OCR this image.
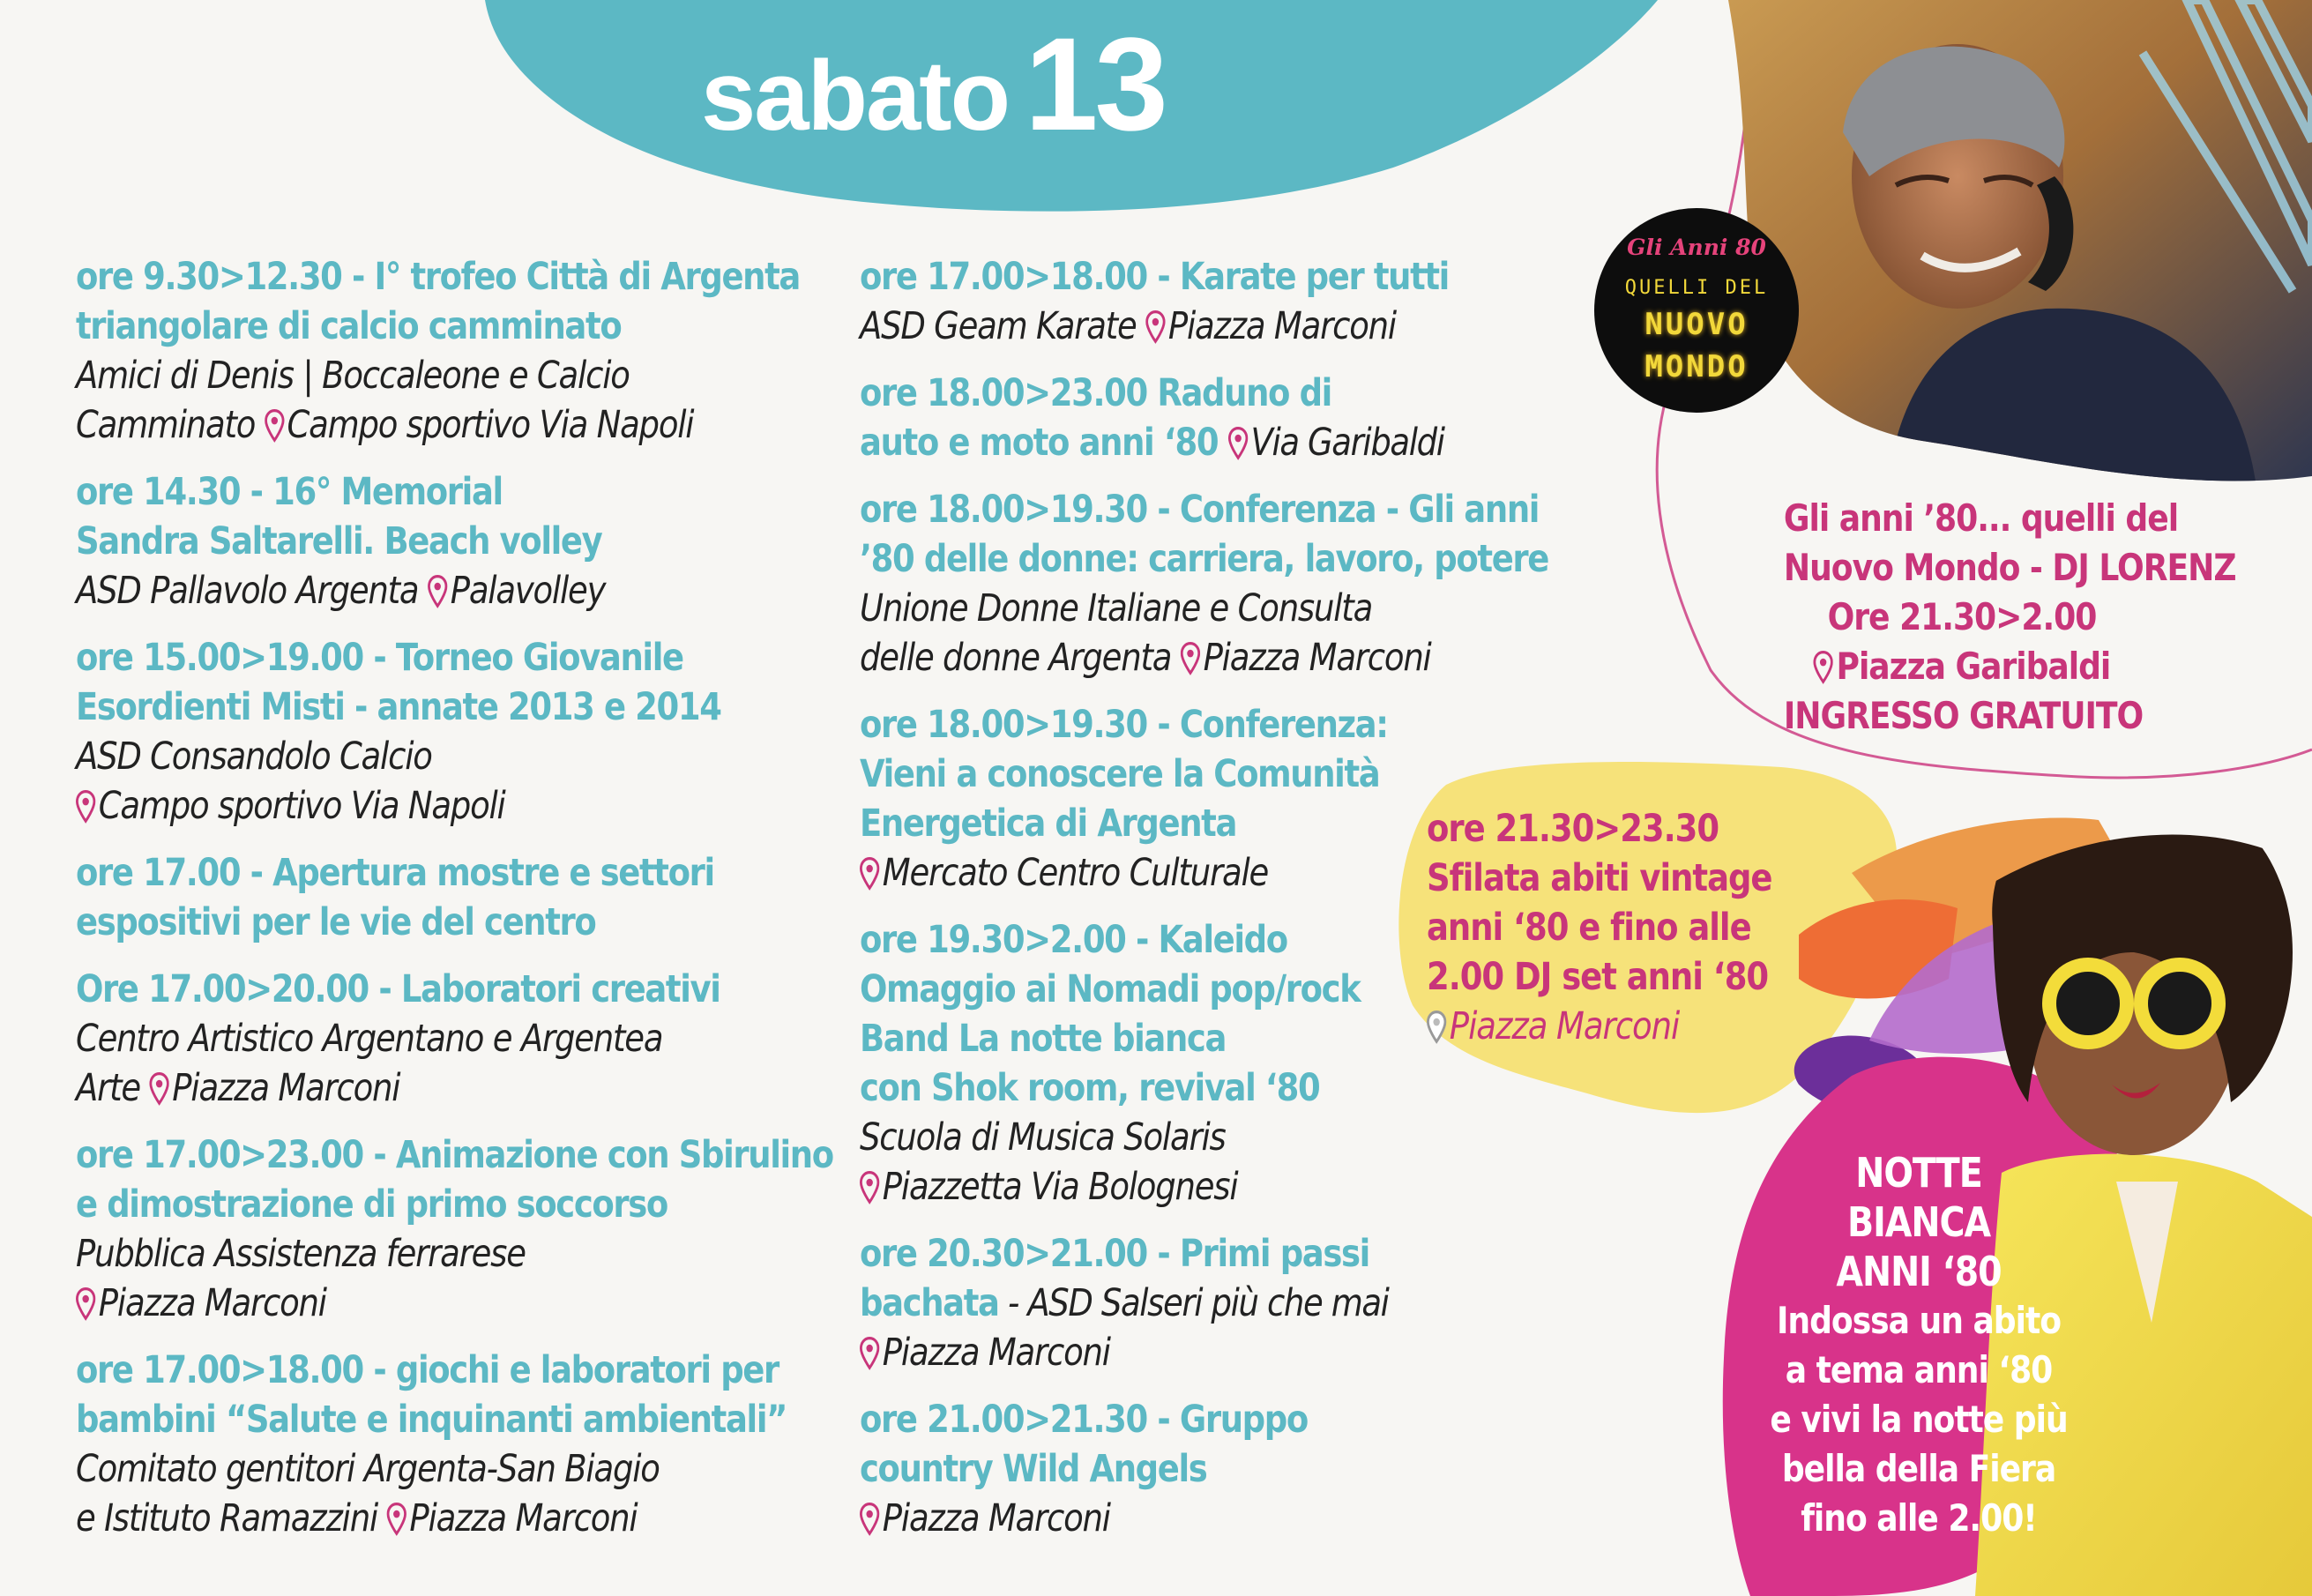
sabato 13
ore 9.30>12.30 - I° trofeo Città di Argenta
triangolare di calcio camminato
Amici di Denis | Boccaleone e Calcio
Camminato Campo sportivo Via Napoli
ore 14.30 - 16° Memorial
Sandra Saltarelli. Beach volley
ASD Pallavolo Argenta Palavolley
ore 15.00>19.00 - Torneo Giovanile
Esordienti Misti - annate 2013 e 2014
ASD Consandolo Calcio
Campo sportivo Via Napoli
ore 17.00 - Apertura mostre e settori
espositivi per le vie del centro
Ore 17.00>20.00 - Laboratori creativi
Centro Artistico Argentano e Argentea
Arte Piazza Marconi
ore 17.00>23.00 - Animazione con Sbirulino
e dimostrazione di primo soccorso
Pubblica Assistenza ferrarese
Piazza Marconi
ore 17.00>18.00 - giochi e laboratori per
bambini “Salute e inquinanti ambientali”
Comitato gentitori Argenta-San Biagio
e Istituto Ramazzini Piazza Marconi
ore 17.00>18.00 - Karate per tutti
ASD Geam Karate Piazza Marconi
ore 18.00>23.00 Raduno di
auto e moto anni ‘80 Via Garibaldi
ore 18.00>19.30 - Conferenza - Gli anni
’80 delle donne: carriera, lavoro, potere
Unione Donne Italiane e Consulta
delle donne Argenta Piazza Marconi
ore 18.00>19.30 - Conferenza:
Vieni a conoscere la Comunità
Energetica di Argenta
Mercato Centro Culturale
ore 19.30>2.00 - Kaleido
Omaggio ai Nomadi pop/rock
Band La notte bianca
con Shok room, revival ‘80
Scuola di Musica Solaris
Piazzetta Via Bolognesi
ore 20.30>21.00 - Primi passi
bachata - ASD Salseri più che mai
Piazza Marconi
ore 21.00>21.30 - Gruppo
country Wild Angels
Piazza Marconi
Gli Anni 80
QUELLI DEL
NUOVO
MONDO
Gli anni ’80... quelli del
Nuovo Mondo - DJ LORENZ
Ore 21.30>2.00
Piazza Garibaldi
INGRESSO GRATUITO
ore 21.30>23.30
Sfilata abiti vintage
anni ‘80 e fino alle
2.00 DJ set anni ‘80
Piazza Marconi
NOTTE
BIANCA
ANNI ‘80
Indossa un abito
a tema anni ‘80
e vivi la notte più
bella della Fiera
fino alle 2.00!
